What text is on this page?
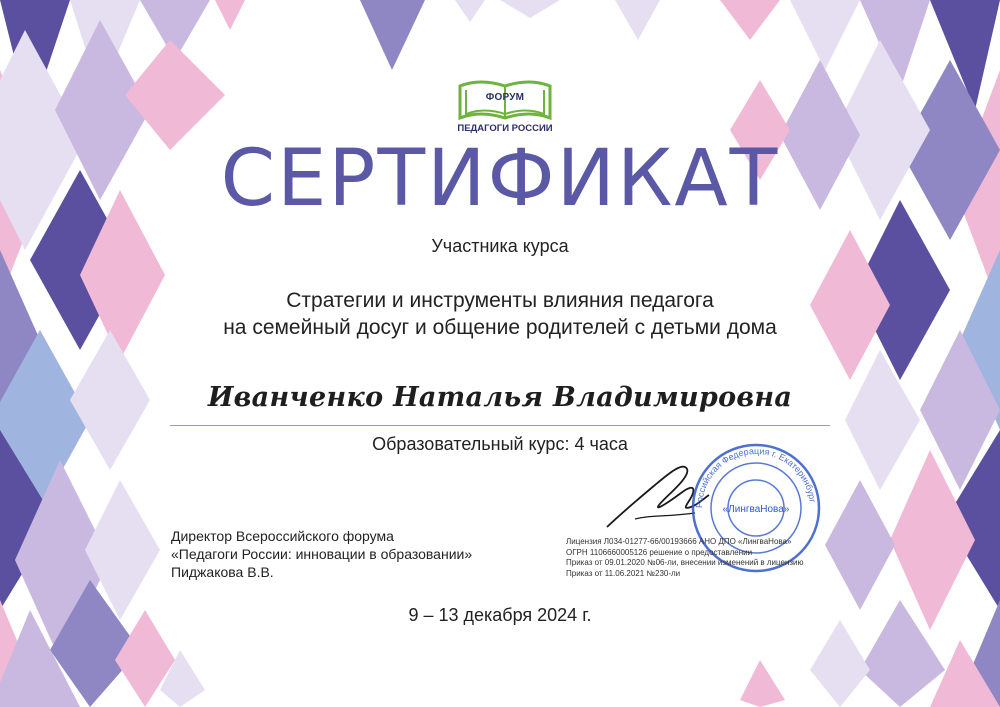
ФОРУМ
ПЕДАГОГИ РОССИИ
СЕРТИФИКАТ
Участника курса
Стратегии и инструменты влияния педагога
на семейный досуг и общение родителей с детьми дома
Иванченко Наталья Владимировна
Образовательный курс: 4 часа
Директор Всероссийского форума
«Педагоги России: инновации в образовании»
Пиджакова В.В.
Российская Федерация г. Екатеринбург
«ЛингваНова»
Лицензия Л034-01277-66/00193666 АНО ДПО «ЛингваНова»
ОГРН 1106660005126 решение о предоставлении
Приказ от 09.01.2020 №06-ли, внесении изменений в лицензию
Приказ от 11.06.2021 №230-ли
9 – 13 декабря 2024 г.
